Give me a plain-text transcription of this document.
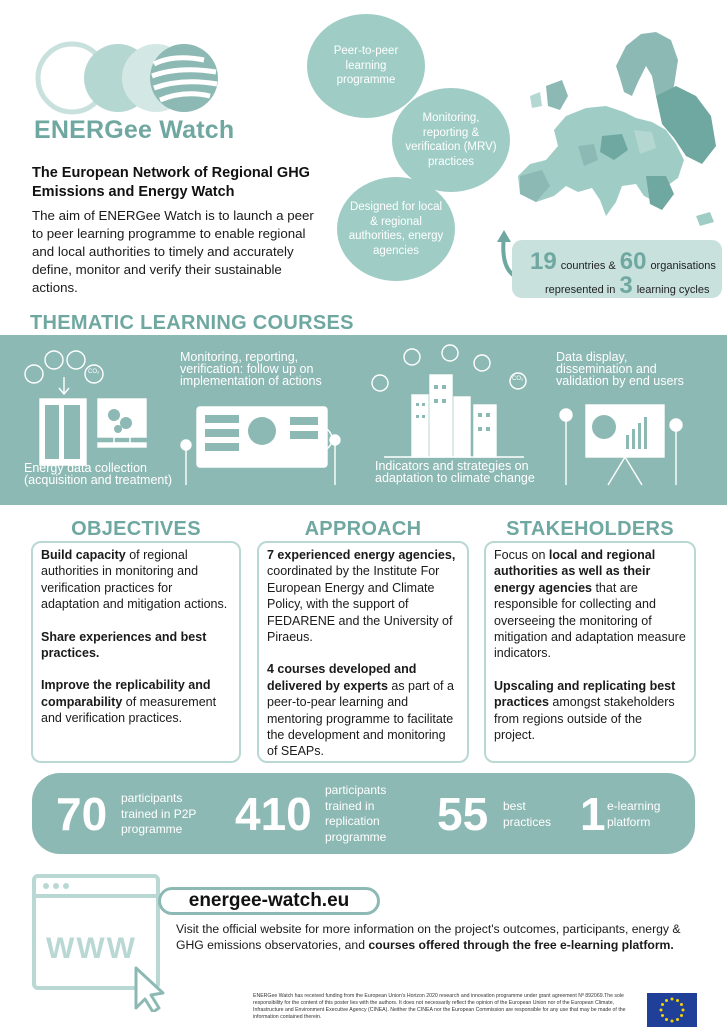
ENERGee Watch
The European Network of Regional GHG Emissions and Energy Watch
The aim of ENERGee Watch is to launch a peer to peer learning programme to enable regional and local authorities to timely and accurately define, monitor and verify their sustainable actions.
Peer-to-peer learning programme
Monitoring, reporting & verification (MRV) practices
Designed for local & regional authorities, energy agencies	19 countries & 60 organisations
represented in 3 learning cycles
THEMATIC LEARNING COURSES
CO₂
CO₂
Energy data collection (acquisition and treatment)
Monitoring, reporting, verification: follow up on implementation of actions
Indicators and strategies on adaptation to climate change
Data display, dissemination and validation by end users
OBJECTIVES

Build capacity of regional authorities in monitoring and verification practices for adaptation and mitigation actions.

Share experiences and best practices.

Improve the replicability and comparability of measurement and verification practices.

APPROACH

7 experienced energy agencies, coordinated by the Institute For European Energy and Climate Policy, with the support of FEDARENE and the University of Piraeus.

4 courses developed and delivered by experts as part of a peer-to-pear learning and mentoring programme to facilitate the development and monitoring of SEAPs.

STAKEHOLDERS

Focus on local and regional authorities as well as their energy agencies that are responsible for collecting and overseeing the monitoring of mitigation and adaptation measure indicators.

Upscaling and replicating best practices amongst stakeholders from regions outside of the project.

70 participants trained in P2P programme	410 participants trained in replication programme	55 best practices 1 e-learning platform
WWW
energee-watch.eu
Visit the official website for more information on the project's outcomes, participants, energy & GHG emissions observatories, and courses offered through the free e-learning platform.
ENERGee Watch has received funding from the European Union's Horizon 2020 research and innovation programme under grant agreement Nº 892069.The sole responsibility for the content of this poster lies with the authors. It does not necessarily reflect the opinion of the European Union nor of the European Climate, Infrastructure and Environment Executive Agency (CINEA). Neither the CINEA nor the European Commission are responsible for any use that may be made of the information contained therein.
